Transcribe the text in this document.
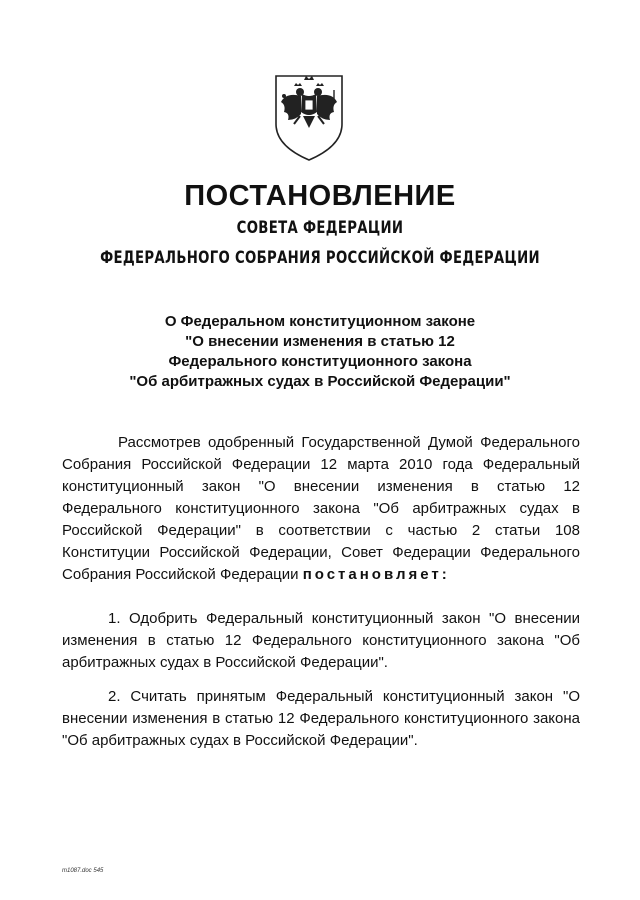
ПОСТАНОВЛЕНИЕ
СОВЕТА ФЕДЕРАЦИИ
ФЕДЕРАЛЬНОГО СОБРАНИЯ РОССИЙСКОЙ ФЕДЕРАЦИИ
О Федеральном конституционном законе
"О внесении изменения в статью 12
Федерального конституционного закона
"Об арбитражных судах в Российской Федерации"

Рассмотрев одобренный Государственной Думой Федерального Собрания Российской Федерации 12 марта 2010 года Федеральный конституционный закон "О внесении изменения в статью 12 Федерального конституционного закона "Об арбитражных судах в Российской Федерации" в соответствии с частью 2 статьи 108 Конституции Российской Федерации, Совет Федерации Федерального Собрания Российской Федерации постановляет:

1. Одобрить Федеральный конституционный закон "О внесении изменения в статью 12 Федерального конституционного закона "Об арбитражных судах в Российской Федерации".

2. Считать принятым Федеральный конституционный закон "О внесении изменения в статью 12 Федерального конституционного закона "Об арбитражных судах в Российской Федерации".

m1087.doc 545
